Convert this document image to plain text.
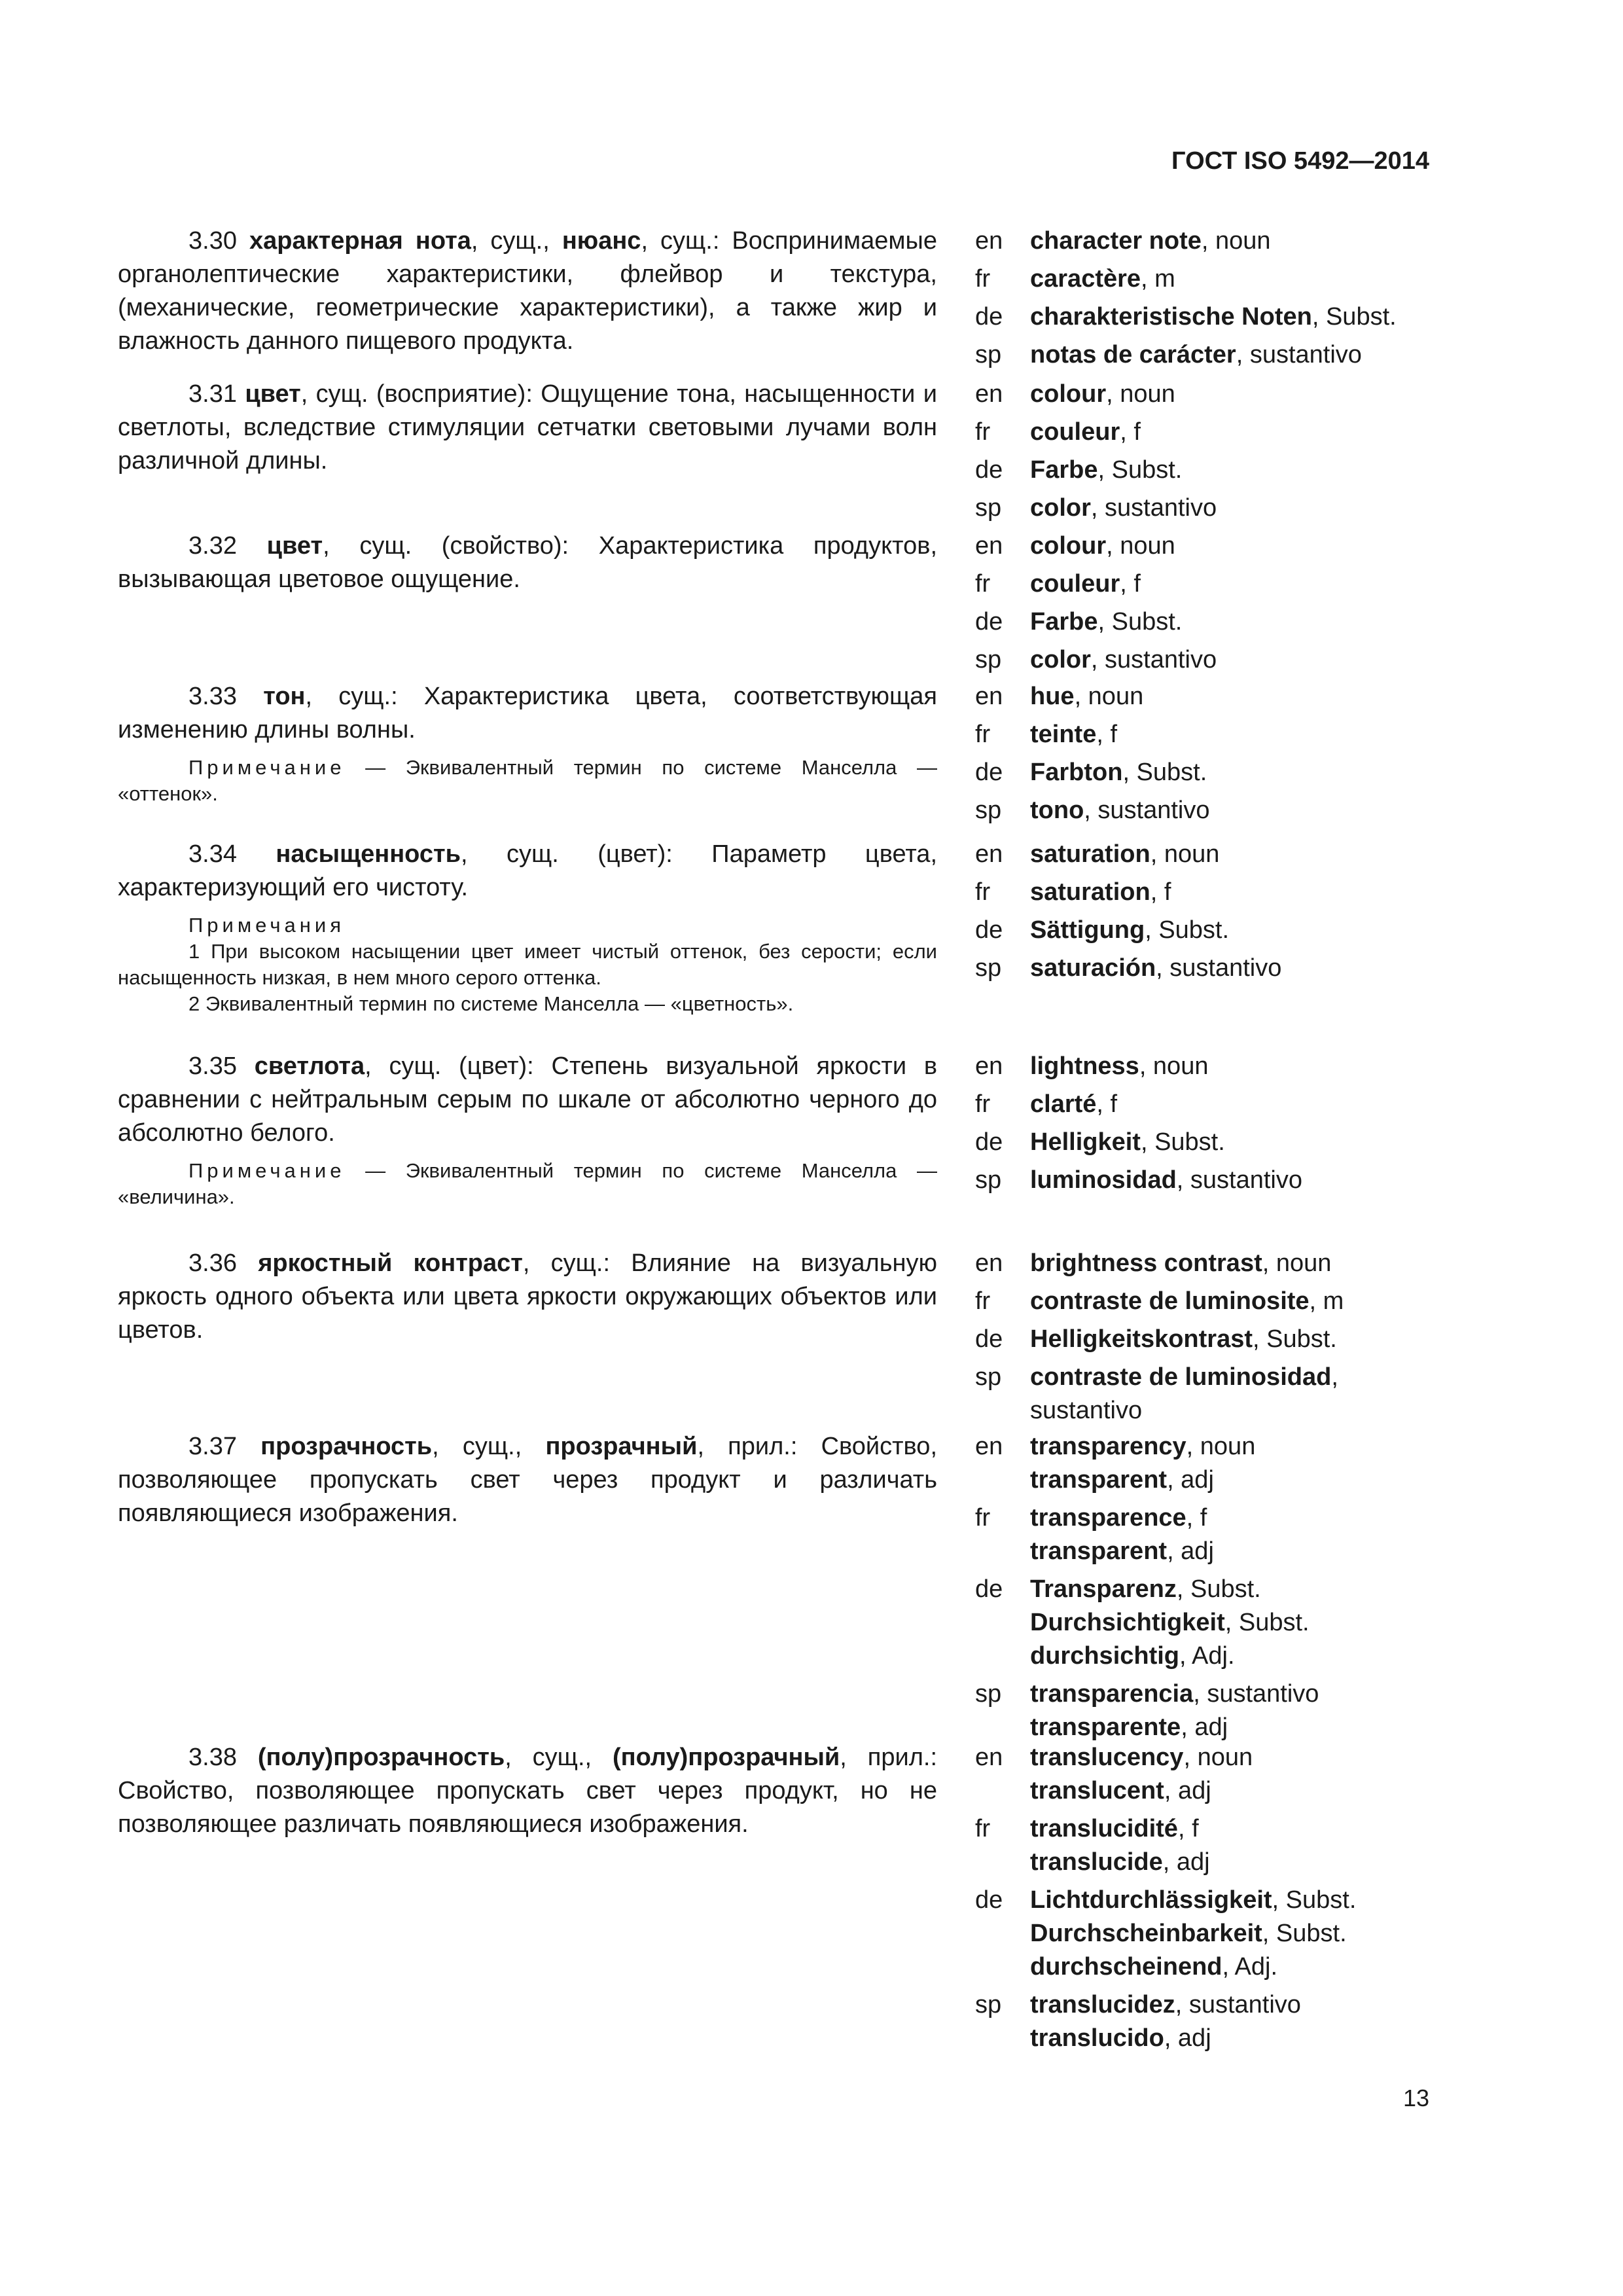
ГОСТ ISO 5492—2014

3.30 характерная нота, сущ., нюанс, сущ.: Воспринимаемые органолептические характеристики, флейвор и текстура, (механические, геометрические характеристики), а также жир и влажность данного пищевого продукта.

en	character note, noun
fr	caractère, m
de	charakteristische Noten, Subst.
sp	notas de carácter, sustantivo

3.31 цвет, сущ. (восприятие): Ощущение тона, насыщенности и светлоты, вследствие стимуляции сетчатки световыми лучами волн различной длины.

en	colour, noun
fr	couleur, f
de	Farbe, Subst.
sp	color, sustantivo

3.32 цвет, сущ. (свойство): Характеристика продуктов, вызывающая цветовое ощущение.

en	colour, noun
fr	couleur, f
de	Farbe, Subst.
sp	color, sustantivo

3.33 тон, сущ.: Характеристика цвета, соответствующая изменению длины волны.

Примечание — Эквивалентный термин по системе Манселла — «оттенок».

en	hue, noun
fr	teinte, f
de	Farbton, Subst.
sp	tono, sustantivo

3.34 насыщенность, сущ. (цвет): Параметр цвета, характеризующий его чистоту.

Примечания

1 При высоком насыщении цвет имеет чистый оттенок, без серости; если насыщенность низкая, в нем много серого оттенка.

2 Эквивалентный термин по системе Манселла — «цветность».

en	saturation, noun
fr	saturation, f
de	Sättigung, Subst.
sp	saturación, sustantivo

3.35 светлота, сущ. (цвет): Степень визуальной яркости в сравнении с нейтральным серым по шкале от абсолютно черного до абсолютно белого.

Примечание — Эквивалентный термин по системе Манселла — «величина».

en	lightness, noun
fr	clarté, f
de	Helligkeit, Subst.
sp	luminosidad, sustantivo

3.36 яркостный контраст, сущ.: Влияние на визуальную яркость одного объекта или цвета яркости окружающих объектов или цветов.

en	brightness contrast, noun
fr	contraste de luminosite, m
de	Helligkeitskontrast, Subst.
sp	contraste de luminosidad,
sustantivo

3.37 прозрачность, сущ., прозрачный, прил.: Свойство, позволяющее пропускать свет через продукт и различать появляющиеся изображения.

en	transparency, noun
transparent, adj
fr	transparence, f
transparent, adj
de	Transparenz, Subst.
Durchsichtigkeit, Subst.
durchsichtig, Adj.
sp	transparencia, sustantivo
transparente, adj

3.38 (полу)прозрачность, сущ., (полу)прозрачный, прил.: Свойство, позволяющее пропускать свет через продукт, но не позволяющее различать появляющиеся изображения.

en	translucency, noun
translucent, adj
fr	translucidité, f
translucide, adj
de	Lichtdurchlässigkeit, Subst.
Durchscheinbarkeit, Subst.
durchscheinend, Adj.
sp	translucidez, sustantivo
translucido, adj
13
